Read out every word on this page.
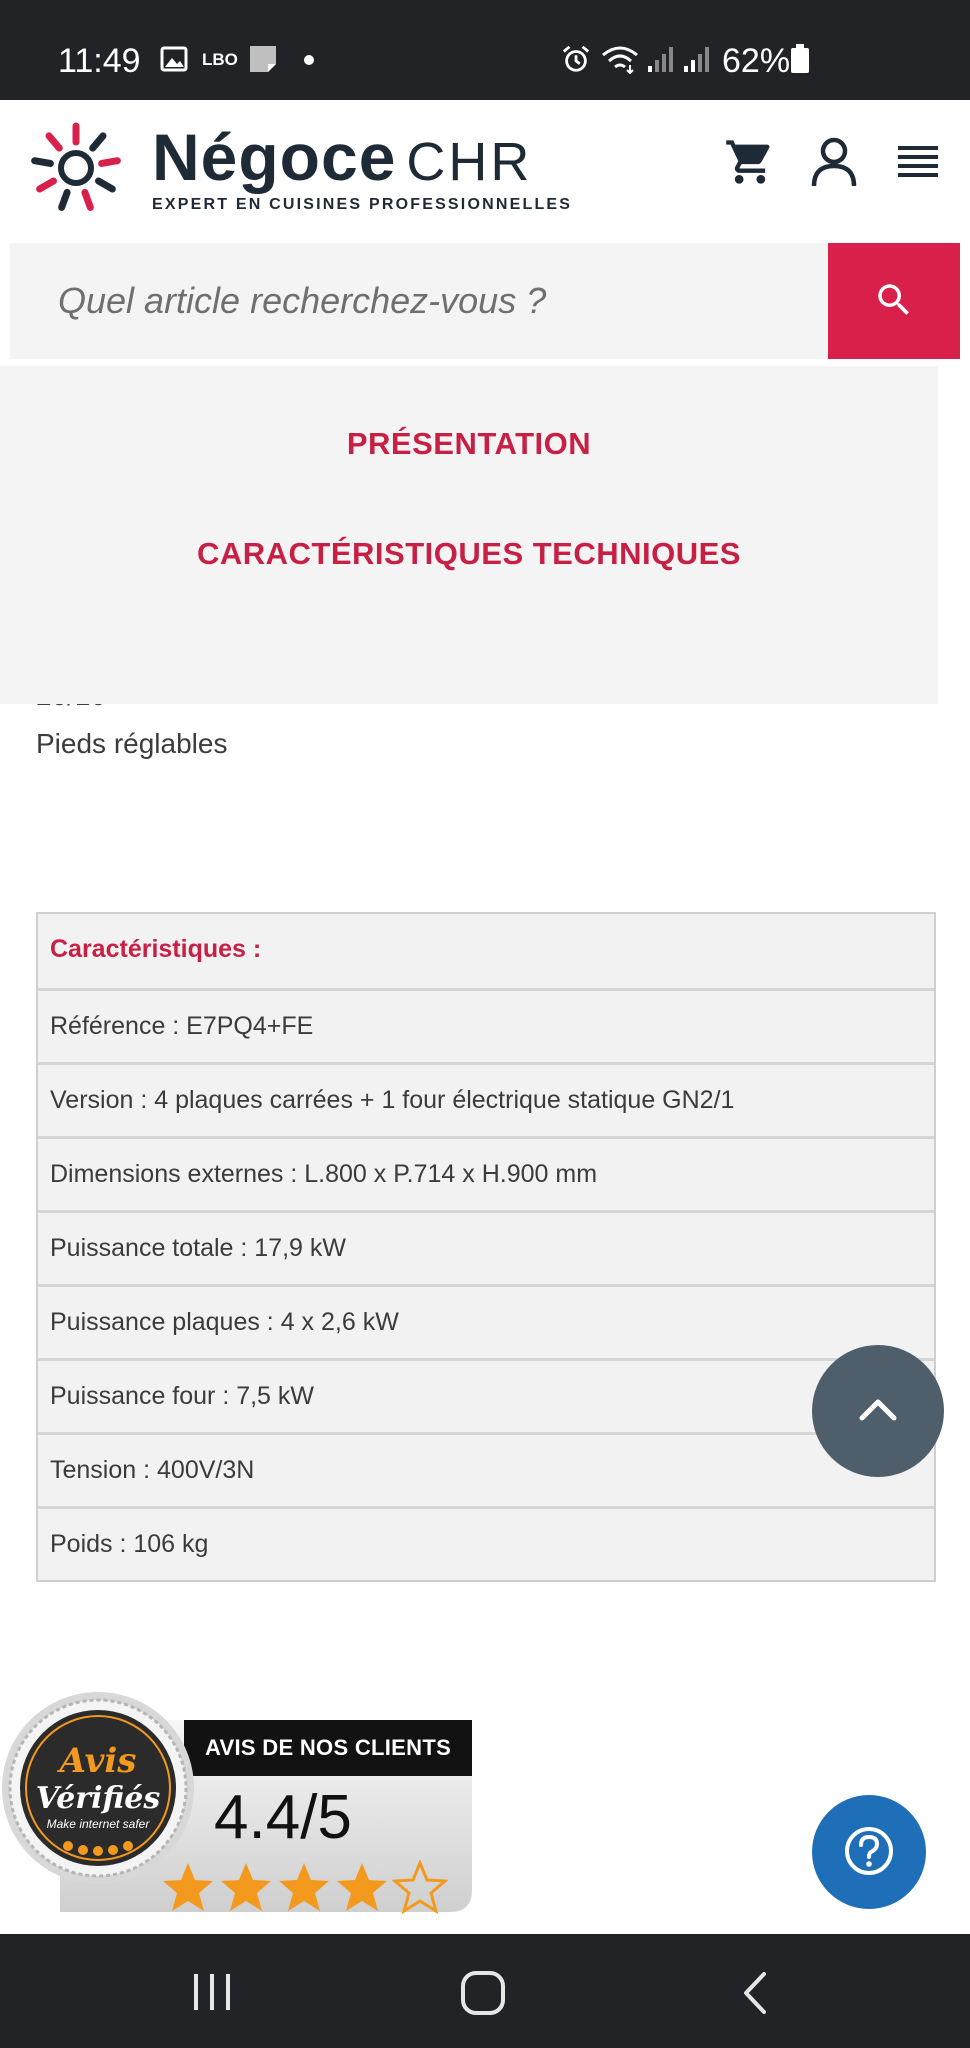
11:49	LBO	62%
Négoce CHR
EXPERT EN CUISINES PROFESSIONNELLES
Quel article recherchez-vous ?
PRÉSENTATION
CARACTÉRISTIQUES TECHNIQUES
Pieds réglables
Caractéristiques :
Référence : E7PQ4+FE
Version : 4 plaques carrées + 1 four électrique statique GN2/1
Dimensions externes : L.800 x P.714 x H.900 mm
Puissance totale : 17,9 kW
Puissance plaques : 4 x 2,6 kW
Puissance four : 7,5 kW
Tension : 400V/3N
Poids : 106 kg
AVIS DE NOS CLIENTS
4.4/5
Avis
Vérifiés
Make internet safer
